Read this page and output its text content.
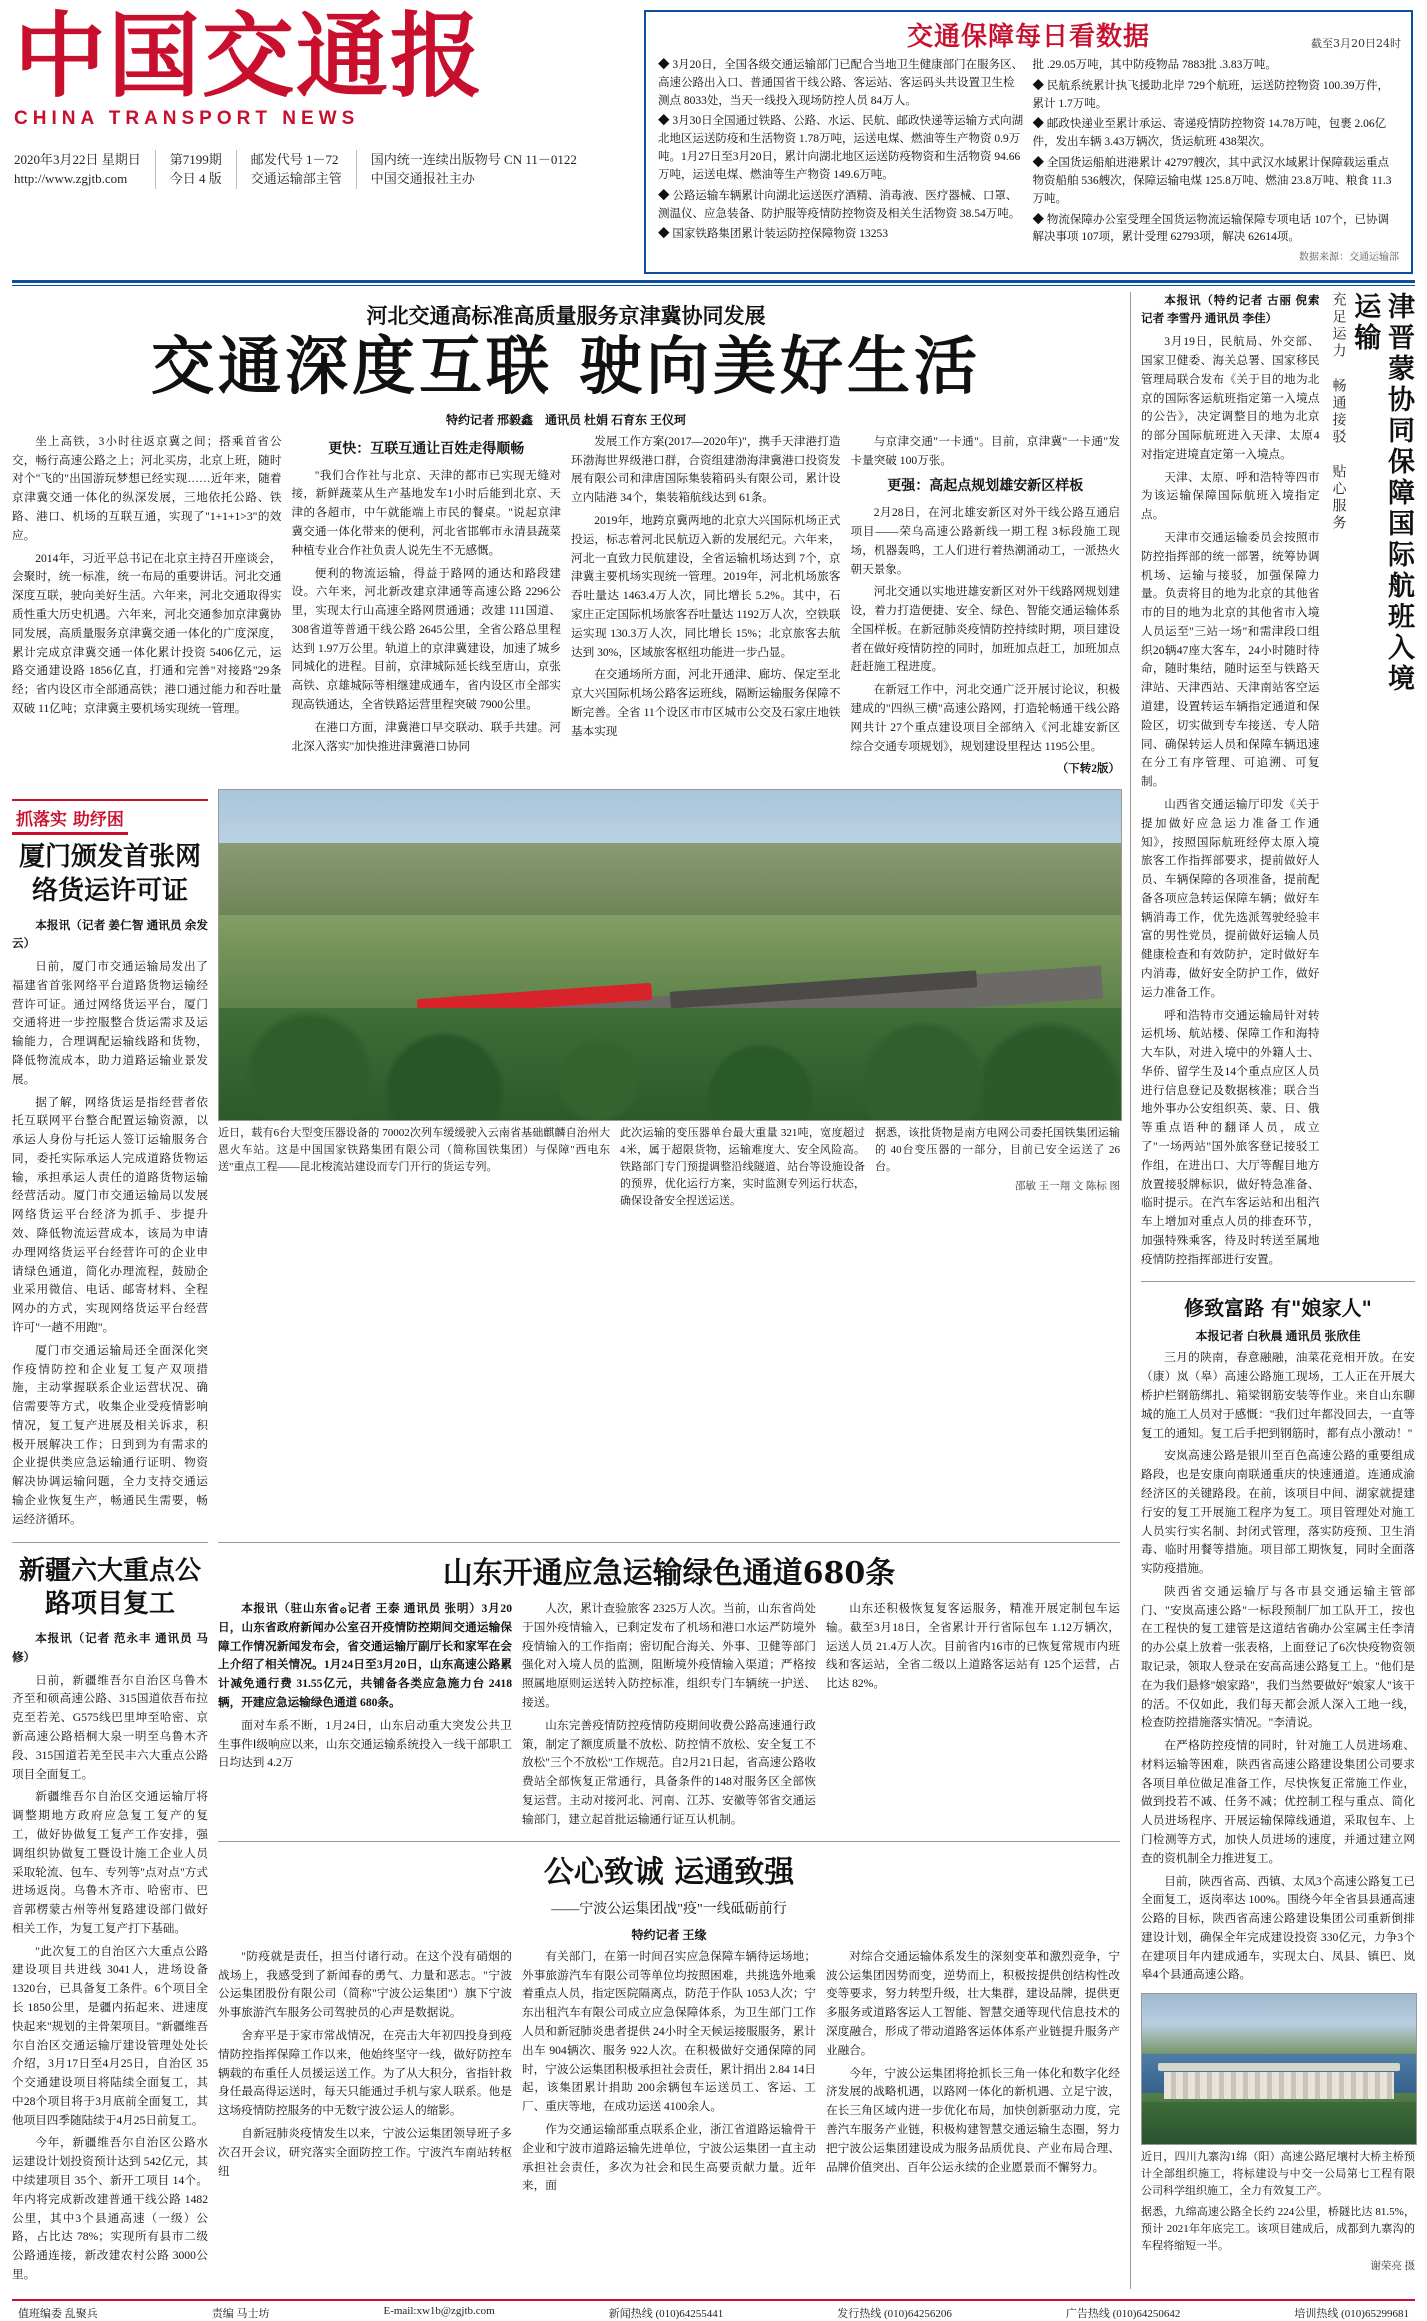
中国交通报
CHINA TRANSPORT NEWS
2020年3月22日 星期日
http://www.zgjtb.com
第7199期
今日 4 版
邮发代号 1－72
交通运输部主管
国内统一连续出版物号 CN 11－0122
中国交通报社主办
交通保障每日看数据	截至3月20日24时

◆ 3月20日，全国各级交通运输部门已配合当地卫生健康部门在服务区、高速公路出入口、普通国省干线公路、客运站、客运码头共设置卫生检测点 8033处，当天一线投入现场防控人员 84万人。

◆ 3月30日全国通过铁路、公路、水运、民航、邮政快递等运输方式向湖北地区运送防疫和生活物资 1.78万吨，运送电煤、燃油等生产物资 0.9万吨。1月27日至3月20日，累计向湖北地区运送防疫物资和生活物资 94.66万吨，运送电煤、燃油等生产物资 149.6万吨。

◆ 公路运输车辆累计向湖北运送医疗酒精、消毒液、医疗器械、口罩、测温仪、应急装备、防护服等疫情防控物资及相关生活物资 38.54万吨。

◆ 国家铁路集团累计装运防控保障物资 13253

批 .29.05万吨，其中防疫物品 7883批 .3.83万吨。

◆ 民航系统累计执飞援助北岸 729个航班，运送防控物资 100.39万件，累计 1.7万吨。

◆ 邮政快递业至累计承运、寄递疫情防控物资 14.78万吨，包裹 2.06亿件，发出车辆 3.43万辆次，货运航班 438架次。

◆ 全国货运船舶进港累计 42797艘次，其中武汉水域累计保障载运重点物资船舶 536艘次，保障运输电煤 125.8万吨、燃油 23.8万吨、粮食 11.3万吨。

◆ 物流保障办公室受理全国货运物流运输保障专项电话 107个，已协调解决事项 107项，累计受理 62793项，解决 62614项。

数据来源：交通运输部
河北交通高标准高质量服务京津冀协同发展
交通深度互联 驶向美好生活
特约记者 邢毅鑫　通讯员 杜娟 石育东 王仪珂

坐上高铁，3小时往返京冀之间；搭乘首省公交，畅行高速公路之上；河北买房，北京上班，随时对个"飞的"出国游玩梦想已经实现……近年来，随着京津冀交通一体化的纵深发展，三地依托公路、铁路、港口、机场的互联互通，实现了"1+1+1>3"的效应。

2014年，习近平总书记在北京主持召开座谈会，会聚时，统一标准，统一布局的重要讲话。河北交通深度互联，驶向美好生活。六年来，河北交通取得实质性重大历史机遇。六年来，河北交通参加京津冀协同发展，高质量服务京津冀交通一体化的广度深度，累计完成京津冀交通一体化累计投资 5406亿元，运路交通建设路 1856亿直，打通和完善"对接路"29条经；省内设区市全部通高铁；港口通过能力和吞吐量双破 11亿吨；京津冀主要机场实现统一管理。

更快：互联互通让百姓走得顺畅

"我们合作社与北京、天津的都市已实现无缝对接，新鲜蔬菜从生产基地发车1小时后能到北京、天津的各超市，中午就能端上市民的餐桌。"说起京津冀交通一体化带来的便利，河北省邯郸市永清县蔬菜种植专业合作社负责人说先生不无感慨。

便利的物流运输，得益于路网的通达和路段建设。六年来，河北新改建京津通等高速公路 2296公里，实现太行山高速全路网贯通通；改建 111国道、308省道等普通干线公路 2645公里，全省公路总里程达到 1.97万公里。轨道上的京津冀建设，加速了城乡同城化的进程。目前，京津城际延长线至唐山，京张高铁、京雄城际等相继建成通车，省内设区市全部实现高铁通达，全省铁路运营里程突破 7900公里。

在港口方面，津冀港口早交联动、联手共建。河北深入落实"加快推进津冀港口协同

发展工作方案(2017—2020年)"，携手天津港打造环渤海世界级港口群，合资组建渤海津冀港口投资发展有限公司和津唐国际集装箱码头有限公司，累计设立内陆港 34个，集装箱航线达到 61条。

2019年，地跨京冀两地的北京大兴国际机场正式投运，标志着河北民航迈入新的发展纪元。六年来，河北一直致力民航建设，全省运输机场达到 7个，京津冀主要机场实现统一管理。2019年，河北机场旅客吞吐量达 1463.4万人次，同比增长 5.2%。其中，石家庄正定国际机场旅客吞吐量达 1192万人次，空铁联运实现 130.3万人次，同比增长 15%；北京旅客去航达到 30%，区域旅客枢纽功能进一步凸显。

在交通场所方面，河北开通津、廊坊、保定至北京大兴国际机场公路客运班线，隔断运输服务保障不断完善。全省 11个设区市市区城市公交及石家庄地铁基本实现

与京津交通"一卡通"。目前，京津冀"一卡通"发卡量突破 100万张。

更强：高起点规划雄安新区样板

2月28日，在河北雄安新区对外干线公路互通启项目——荣乌高速公路新线一期工程 3标段施工现场，机器轰鸣，工人们进行着热潮涌动工，一派热火朝天景象。

河北交通以实地进雄安新区对外干线路网规划建设，着力打造便捷、安全、绿色、智能交通运输体系全国样板。在新冠肺炎疫情防控持续时期，项目建设者在做好疫情防控的同时，加班加点赶工，加班加点赶赶施工程进度。

在新冠工作中，河北交通广泛开展讨论议，积极建成的"四纵三横"高速公路网，打造轮畅通干线公路网共计 27个重点建设项目全部纳入《河北雄安新区综合交通专项规划》，规划建设里程达 1195公里。

（下转2版）
抓落实 助纾困
厦门颁发首张网络货运许可证

本报讯（记者 姜仁智 通讯员 余发云）

日前，厦门市交通运输局发出了福建省首张网络平台道路货物运输经营许可证。通过网络货运平台，厦门交通将进一步控服整合货运需求及运输能力，合理调配运输线路和货物，降低物流成本，助力道路运输业景发展。

据了解，网络货运是指经营者依托互联网平台整合配置运输资源，以承运人身份与托运人签订运输服务合同，委托实际承运人完成道路货物运输，承担承运人责任的道路货物运输经营活动。厦门市交通运输局以发展网络货运平台经济为抓手、步提升效、降低物流运营成本，该局为申请办理网络货运平台经营许可的企业申请绿色通道，简化办理流程，鼓励企业采用微信、电话、邮寄材料、全程网办的方式，实现网络货运平台经营许可"一趟不用跑"。

厦门市交通运输局还全面深化突作疫情防控和企业复工复产双项措施，主动掌握联系企业运营状况、确信需要等方式，收集企业受疫情影响情况，复工复产进展及相关诉求，积极开展解决工作；日到到为有需求的企业提供类应急运输通行证明、物资解决协调运输问题，全力支持交通运输企业恢复生产，畅通民生需要，畅运经济循环。

近日，载有6台大型变压器设备的 70002次列车缓缓驶入云南省基础麒麟自治州大恩火车站。这是中国国家铁路集团有限公司（简称国铁集团）与保障"西电东送"重点工程——昆北梭流站建设而专门开行的货运专列。
此次运输的变压器单台最大重量 321吨，宽度超过 4米，属于超限货物，运输难度大、安全风险高。铁路部门专门预提调整沿线隧道、站台等设施设备的预界，优化运行方案，实时监测专列运行状态，确保设备安全捏送运送。
据悉，该批货物是南方电网公司委托国铁集团运输的 40台变压器的一部分，目前已安全运送了 26台。
邵敏 王一翔 文 陈标 图
新疆六大重点公路项目复工

本报讯（记者 范永丰 通讯员 马修）

日前，新疆维吾尔自治区乌鲁木齐至和硕高速公路、315国道依吾布拉克至若羌、G575线巴里坤至哈密、京新高速公路梧桐大泉一明至乌鲁木齐段、315国道若羌至民丰六大重点公路项目全面复工。

新疆维吾尔自治区交通运输厅将调整期地方政府应急复工复产的复工，做好协做复工复产工作安排，强调组织协做复工暨设计施工企业人员采取轮流、包车、专列等"点对点"方式进场返岗。乌鲁木齐市、哈密市、巴音郭楞蒙古州等州复路建设部门做好相关工作，为复工复产打下基础。

"此次复工的自治区六大重点公路建设项目共进线 3041人，进场设备 1320台，已具备复工条件。6个项目全长 1850公里，是疆内拓起来、进速度快起来"规划的主骨架项目。"新疆维吾尔自治区交通运输厅建设管理处处长介绍，3月17日至4月25日，自治区 35个交通建设项目将陆续全面复工，其中28个项目将于3月底前全面复工，其他项目四季随陆续于4月25日前复工。

今年，新疆维吾尔自治区公路水运建设计划投资预计达到 542亿元，其中续建项目 35个、新开工项目 14个。年内将完成新改建普通干线公路 1482公里，其中3个县通高速（一级）公路，占比达 78%；实现所有县市二级公路通连接，新改建农村公路 3000公里。

山东开通应急运输绿色通道680条

本报讯（驻山东省۞记者 王泰 通讯员 张明）3月20日，山东省政府新闻办公室召开疫情防控期间交通运输保障工作情况新闻发布会，省交通运输厅副厅长和家军在会上介绍了相关情况。1月24日至3月20日，山东高速公路累计减免通行费 31.55亿元，共铺备各类应急施力台 2418辆，开建应急运输绿色通道 680条。

面对车系不断，1月24日，山东启动重大突发公共卫生事件Ⅰ级响应以来，山东交通运输系统投入一线干部职工日均达到 4.2万

人次，累计查验旅客 2325万人次。当前，山东省尚处于国外疫情输入，已剩定发布了机场和港口水运严防境外疫情输入的工作指南；密切配合海关、外事、卫健等部门强化对入境人员的监测，阻断境外疫情输入渠道；严格按照属地原则运送转入防控标准，组织专门车辆统一护送、接送。

山东完善疫情防控疫情防疫期间收费公路高速通行政策，制定了额度质量不放松、防控情不放松、安全复工不放松"三个不放松"工作规范。自2月21日起，省高速公路收费站全部恢复正常通行，具备条件的148对服务区全部恢复运营。主动对接河北、河南、江苏、安徽等邻省交通运输部门，建立起首批运输通行证互认机制。

山东还积极恢复复客运服务，精准开展定制包车运输。截至3月18日，全省累计开行省际包车 1.12万辆次，运送人员 21.4万人次。目前省内16市的已恢复常规市内班线和客运站，全省二级以上道路客运站有 125个运营，占比达 82%。

公心致诚 运通致强
——宁波公运集团战"疫"一线砥砺前行
特约记者 王缘

"防疫就是责任，担当付诸行动。在这个没有硝烟的战场上，我感受到了新闻春的勇气、力量和恶志。"宁波公运集团股份有限公司（简称"宁波公运集团"）旗下宁波外事旅游汽车服务公司驾驶员的心声是数据说。

舍弃平是于家市常战情况，在亮击大年初四投身到疫情防控指挥保障工作以来，他始终坚守一线，做好防控车辆载的布重任人员援运送工作。为了从大积分，省指针救身任最高得运送时，每天只能通过手机与家人联系。他是这场疫情防控服务的中无数宁波公运人的缩影。

自新冠肺炎疫情发生以来，宁波公运集团领导班子多次召开会议，研究落实全面防控工作。宁波汽车南站转枢纽

有关部门，在第一时间召实应急保障车辆待运场地；外事旅游汽车有限公司等单位均按照困难，共挑选外地乘着重点人员，指定医院隔离点，防范于作队 1053人次；宁东出租汽车有限公司成立应急保障体系，为卫生部门工作人员和新冠肺炎患者提供 24小时全天候运接服服务，累计出车 904辆次、服务 922人次。在积极做好交通保障的同时，宁波公运集团积极承担社会责任，累计捐出 2.84 14日起，该集团累计捐助 200余辆包车运送员工、客运、工厂、重庆等地，在成功运送 4100余人。

作为交通运输部重点联系企业，浙江省道路运输骨干企业和宁波市道路运输先进单位，宁波公运集团一直主动承担社会责任，多次为社会和民生高要贡献力量。近年来，面

对综合交通运输体系发生的深刻变革和激烈竞争，宁波公运集团因势而变，逆势而上，积极按提供创结构性改变等要求，努力转型升级，壮大集群，建设品牌，提供更多服务或道路客运人工智能、智慧交通等现代信息技术的深度融合，形成了带动道路客运体体系产业链提升服务产业融合。

今年，宁波公运集团将抢抓长三角一体化和数字化经济发展的战略机遇，以路网一体化的新机遇、立足宁波，在长三角区域内进一步优化布局，加快创新驱动力度，完善汽车服务产业链，积极构建智慧交通运输生态圈，努力把宁波公运集团建设成为服务品质优良、产业布局合理、品牌价值突出、百年公运永续的企业愿景而不懈努力。

本报讯（特约记者 古丽 倪索 记者 李雪丹 通讯员 李佳）

3月19日，民航局、外交部、国家卫健委、海关总署、国家移民管理局联合发布《关于目的地为北京的国际客运航班指定第一入境点的公告》，决定调整目的地为北京的部分国际航班进入天津、太原4对指定进境直定第一入境点。

天津、太原、呼和浩特等四市为该运输保障国际航班入境指定点。

天津市交通运输委员会按照市防控指挥部的统一部署，统筹协调机场、运输与接驳，加强保障力量。负责将目的地为北京的其他省市的目的地为北京的其他省市入境人员运至"三站一场"和需津段口组织20辆47座大客车，24小时随时待命，随时集结，随时运至与铁路天津站、天津西站、天津南站客空运道建，设置转运车辆指定通道和保险区，切实做到专车接送、专人陪同、确保转运人员和保障车辆迅速在分工有序管理、可追溯、可复制。

山西省交通运输厅印发《关于提加做好应急运力准备工作通知》，按照国际航班经停太原入境旅客工作指挥部要求，提前做好人员、车辆保障的各项准备，提前配备各项应急转运保障车辆；做好车辆消毒工作，优先选派驾驶经验丰富的男性党员，提前做好运输人员健康检查和有效防护，定时做好车内消毒，做好安全防护工作，做好运力准备工作。

呼和浩特市交通运输局针对转运机场、航站楼、保障工作和海特大车队，对进入境中的外籍人士、华侨、留学生及14个重点应区人员进行信息登记及数据核准；联合当地外事办公安组织英、蒙、日、俄等重点语种的翻译人员，成立了"一场两站"国外旅客登记接驳工作组，在进出口、大厅等醒目地方放置接驳牌标识，做好特急准备、临时提示。在汽车客运站和出租汽车上增加对重点人员的排查环节，加强特殊乘客，待及时转送至属地疫情防控指挥部进行安置。

充足运力 畅通接驳 贴心服务	津晋蒙协同保障国际航班入境运输
修致富路 有"娘家人"
本报记者 白秋晨 通讯员 张欣佳

三月的陕南，春意融融，油菜花竞相开放。在安（康）岚（皋）高速公路施工现场，工人正在开展大桥护栏钢筋绑扎、箱梁钢筋安装等作业。来自山东聊城的施工人员对于感慨："我们过年都没回去，一直等复工的通知。复工后手把到钢筋时，都有点小激动！"

安岚高速公路是银川至百色高速公路的重要组成路段，也是安康向南联通重庆的快速通道。连通成渝经济区的关键路段。在前，该项目中间、湖家就提建行安的复工开展施工程序为复工。项目管理处对施工人员实行实名制、封闭式管理，落实防疫预、卫生消毒、临时用餐等措施。项目部工期恢复，同时全面落实防疫措施。

陕西省交通运输厅与各市县交通运输主管部门、"安岚高速公路"一标段预制厂加工队开工，按也在工程快的复工建管是这道结省确办公室属主任李清的办公桌上放着一张表格，上面登记了6次快疫物资领取记录，领取人登录在安高高速公路复工上。"他们是在为我们悬修"娘家路"，我们当然要做好"娘家人"该干的活。不仅如此，我们每天都会派人深入工地一线，检查防控措施落实情况。"李清说。

在严格防控疫情的同时，针对施工人员进场难、材料运输等困难，陕西省高速公路建设集团公司要求各项目单位做足准备工作，尽快恢复正常施工作业，做到投若不减、任务不减；优控制工程与重点、简化人员进场程序、开展运输保障线通道，采取包车、上门检测等方式，加快人员进场的速度，并通过建立网查的资机制全力推进复工。

目前，陕西省高、西镇、太凤3个高速公路复工已全面复工，返岗率达 100%。围绕今年全省县县通高速公路的目标，陕西省高速公路建设集团公司重新倒排建设计划，确保全年完成建设投资 330亿元，力争3个在建项目年内建成通车，实现太白、凤县、镇巴、岚皋4个县通高速公路。

近日，四川九寨沟1绵（阳）高速公路尼壤村大桥主桥预计全部组织施工，将标建设与中交一公局第七工程有限公司科学组织施工，全力有效复工产。
据悉，九绵高速公路全长约 224公里，桥隧比达 81.5%，预计 2021年年底完工。该项目建成后，成都到九寨沟的车程将缩短一半。
谢荣亮 摄
值班编委 乱聚兵	责编 马士坊	E-mail:xw1b@zgjtb.com	新闻热线 (010)64255441	发行热线 (010)64256206	广告热线 (010)64250642	培训热线 (010)65299681
